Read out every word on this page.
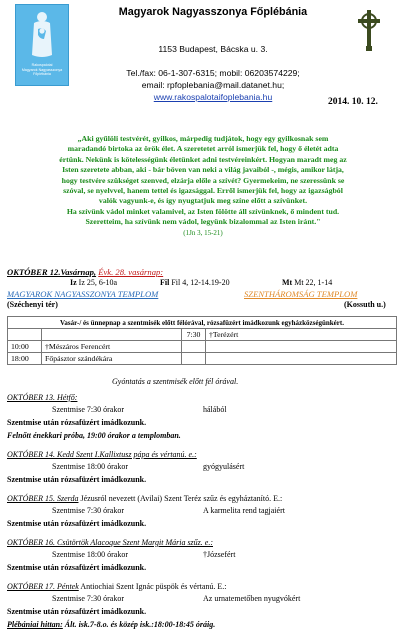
Rakospalotai
Magyarok Nagyasszonya
Főplébánia
Magyarok Nagyasszonya Főplébánia
1153 Budapest, Bácska u. 3.
Tel./fax: 06-1-307-6315; mobil: 06203574229;
email: rpfoplebania@mail.datanet.hu;
www.rakospalotaifoplebania.hu	2014. 10. 12.
„Aki gyűlöli testvérét, gyilkos, márpedig tudjátok, hogy egy gyilkosnak sem
maradandó birtoka az örök élet. A szeretetet arról ismerjük fel, hogy ő életét adta
értünk. Nekünk is kötelességünk életünket adni testvéreinkért. Hogyan maradt meg az
Isten szeretete abban, aki - bár böven van neki a világ javaiból -, mégis, amikor látja,
hogy testvére szükséget szenved, elzárja előle a szívét? Gyermekeim, ne szeressünk se
szóval, se nyelvvel, hanem tettel és igazsággal. Erről ismerjük fel, hogy az igazságból
valók vagyunk-e, és így nyugtatjuk meg színe előtt a szívünket.
Ha szívünk vádol minket valamivel, az Isten fölötte áll szívünknek, ő mindent tud.
Szeretteim, ha szívünk nem vádol, legyünk bizalommal az Isten iránt."
(1Jn 3, 15-21)
OKTÓBER 12.Vasárnap, Évk. 28. vasárnap:
Iz Iz 25, 6-10a	Fil Fil 4, 12-14.19-20	Mt Mt 22, 1-14
MAGYAROK NAGYASSZONYA TEMPLOM	SZENTHÁROMSÁG TEMPLOM
(Széchenyi tér)	(Kossuth u.)
Vasár-/ és ünnepnap a szentmisék előtt félórával, rózsafüzért imádkozunk egyházközségünkért.			
		7:30	†Terézért
10:00	†Mészáros Ferencért		
18:00	Főpásztor szándékára		
Gyóntatás a szentmisék előtt fél órával.
OKTÓBER 13. Hétfő:
Szentmise 7:30 órakor	hálából
Szentmise után rózsafüzért imádkozunk.
Felnőtt énekkari próba, 19:00 órakor a templomban.
OKTÓBER 14. Kedd Szent I.Kallixtusz pápa és vértanú. e.:
Szentmise 18:00 órakor	gyógyulásért
Szentmise után rózsafüzért imádkozunk.
OKTÓBER 15. Szerda Jézusról nevezett (Avilai) Szent Teréz szűz és egyháztanító. E.:
Szentmise 7:30 órakor	A karmelita rend tagjaiért
Szentmise után rózsafüzért imádkozunk.
OKTÓBER 16. Csütörtök Alacoque Szent Margit Mária szűz. e.:
Szentmise 18:00 órakor	†Józsefért
Szentmise után rózsafüzért imádkozunk.
OKTÓBER 17. Péntek Antiochiai Szent Ignác püspök és vértanú. E.:
Szentmise 7:30 órakor	Az urnatemetőben nyugvókért
Szentmise után rózsafüzért imádkozunk.
Plébániai hittan: Ált. isk.7-8.o. és közép isk.:18:00-18:45 óráig.
